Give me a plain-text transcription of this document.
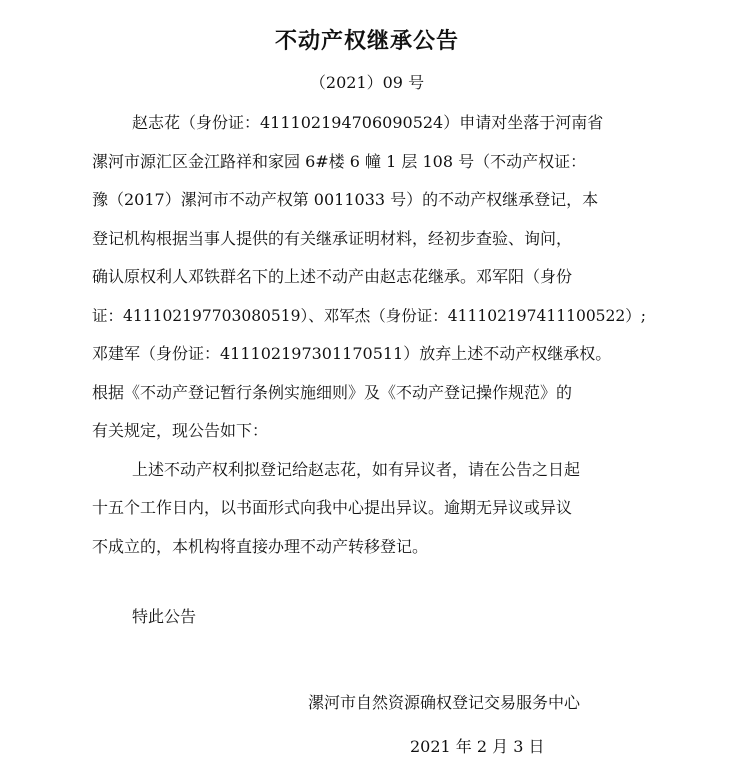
不动产权继承公告
（2021）09 号
赵志花（身份证：411102194706090524）申请对坐落于河南省
漯河市源汇区金江路祥和家园 6#楼 6 幢 1 层 108 号（不动产权证：
豫（2017）漯河市不动产权第 0011033 号）的不动产权继承登记，本
登记机构根据当事人提供的有关继承证明材料，经初步查验、询问，
确认原权利人邓铁群名下的上述不动产由赵志花继承。邓军阳（身份
证：411102197703080519）、邓军杰（身份证：411102197411100522）;
邓建军（身份证：411102197301170511）放弃上述不动产权继承权。
根据《不动产登记暂行条例实施细则》及《不动产登记操作规范》的
有关规定，现公告如下：
上述不动产权利拟登记给赵志花，如有异议者，请在公告之日起
十五个工作日内，以书面形式向我中心提出异议。逾期无异议或异议
不成立的，本机构将直接办理不动产转移登记。
特此公告
漯河市自然资源确权登记交易服务中心
2021 年 2 月 3 日
